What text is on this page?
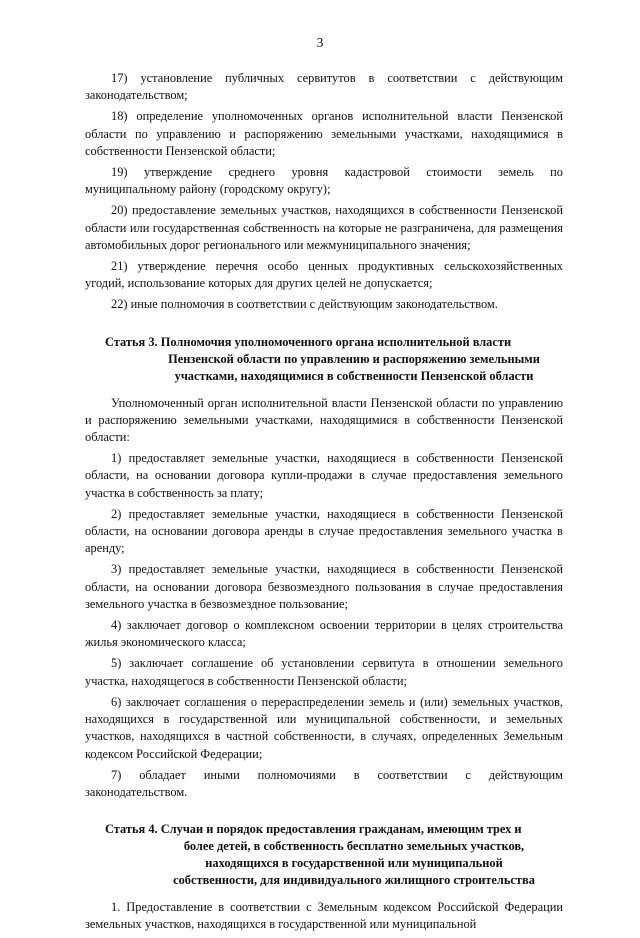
3

17) установление публичных сервитутов в соответствии с действующим законодательством;

18) определение уполномоченных органов исполнительной власти Пензенской области по управлению и распоряжению земельными участками, находящимися в собственности Пензенской области;

19) утверждение среднего уровня кадастровой стоимости земель по муниципальному району (городскому округу);

20) предоставление земельных участков, находящихся в собственности Пензенской области или государственная собственность на которые не разграничена, для размещения автомобильных дорог регионального или межмуниципального значения;

21) утверждение перечня особо ценных продуктивных сельскохозяйственных угодий, использование которых для других целей не допускается;

22) иные полномочия в соответствии с действующим законодательством.

Статья 3. Полномочия уполномоченного органа исполнительной власти
Пензенской области по управлению и распоряжению земельными
участками, находящимися в собственности Пензенской области

Уполномоченный орган исполнительной власти Пензенской области по управлению и распоряжению земельными участками, находящимися в собственности Пензенской области:

1) предоставляет земельные участки, находящиеся в собственности Пензенской области, на основании договора купли-продажи в случае предоставления земельного участка в собственность за плату;

2) предоставляет земельные участки, находящиеся в собственности Пензенской области, на основании договора аренды в случае предоставления земельного участка в аренду;

3) предоставляет земельные участки, находящиеся в собственности Пензенской области, на основании договора безвозмездного пользования в случае предоставления земельного участка в безвозмездное пользование;

4) заключает договор о комплексном освоении территории в целях строительства жилья экономического класса;

5) заключает соглашение об установлении сервитута в отношении земельного участка, находящегося в собственности Пензенской области;

6) заключает соглашения о перераспределении земель и (или) земельных участков, находящихся в государственной или муниципальной собственности, и земельных участков, находящихся в частной собственности, в случаях, определенных Земельным кодексом Российской Федерации;

7) обладает иными полномочиями в соответствии с действующим законодательством.

Статья 4. Случаи и порядок предоставления гражданам, имеющим трех и
более детей, в собственность бесплатно земельных участков,
находящихся в государственной или муниципальной
собственности, для индивидуального жилищного строительства

1. Предоставление в соответствии с Земельным кодексом Российской Федерации земельных участков, находящихся в государственной или муниципальной
